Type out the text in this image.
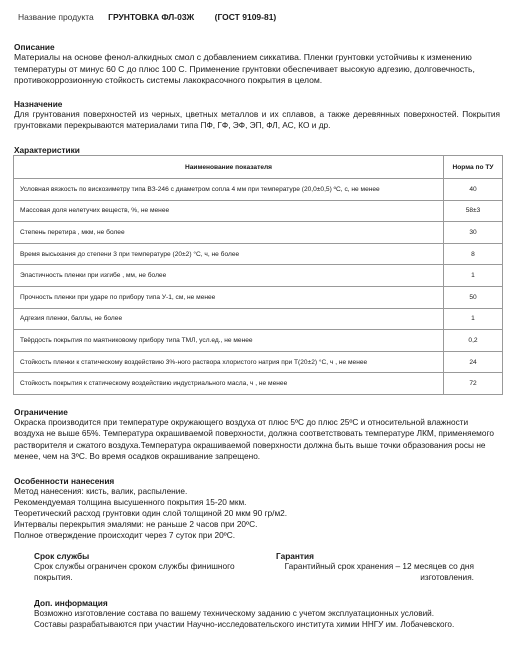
Название продукта ГРУНТОВКА ФЛ-03Ж (ГОСТ 9109-81)
Описание
Материалы на основе фенол-алкидных смол с добавлением сиккатива. Пленки грунтовки устойчивы к изменению температуры от минус 60 С до плюс 100 С. Применение грунтовки обеспечивает высокую адгезию, долговечность, противокоррозионную стойкость системы лакокрасочного покрытия в целом.
Назначение
Для грунтования поверхностей из черных, цветных металлов и их сплавов, а также деревянных поверхностей. Покрытия грунтовками перекрываются материалами типа ПФ, ГФ, ЭФ, ЭП, ФЛ, АС, КО и др.
Характеристики
Наименование показателя	Норма по ТУ
Условная вязкость по вискозиметру типа ВЗ-246 с диаметром сопла 4 мм при температуре (20,0±0,5) ºС, с, не менее	40
Массовая доля нелетучих веществ, %, не менее	58±3
Степень перетира , мкм, не более	30
Время высыхания до степени 3 при температуре (20±2) °С, ч, не более	8
Эластичность пленки при изгибе , мм, не более	1
Прочность пленки при ударе по прибору типа У-1, см, не менее	50
Адгезия пленки, баллы, не более	1
Твёрдость покрытия по маятниковому прибору типа ТМЛ, усл.ед., не менее	0,2
Стойкость пленки к статическому воздействию 3%-ного раствора хлористого натрия при Т(20±2) °С, ч , не менее	24
Стойкость покрытия к статическому воздействию индустриального масла, ч , не менее	72
Ограничение
Окраска производится при температуре окружающего воздуха от плюс 5ºС до плюс 25ºС и относительной влажности воздуха не выше 65%. Температура окрашиваемой поверхности, должна соответствовать температуре ЛКМ, применяемого растворителя и сжатого воздуха.Температура окрашиваемой поверхности должна быть выше точки образования росы не менее, чем на 3ºС. Во время осадков окрашивание запрещено.
Особенности нанесения
Метод нанесения: кисть, валик, распыление.
Рекомендуемая толщина высушенного покрытия 15-20 мкм.
Теоретический расход грунтовки один слой толщиной 20 мкм 90 гр/м2.
Интервалы перекрытия эмалями: не раньше 2 часов при 20ºС.
Полное отверждение происходит через 7 суток при 20ºС.
Срок службы
Срок службы ограничен сроком службы финишного покрытия.
Гарантия
Гарантийный срок хранения – 12 месяцев со дня изготовления.
Доп. информация
Возможно изготовление состава по вашему техническому заданию с учетом эксплуатационных условий.
Составы разрабатываются при участии Научно-исследовательского института химии ННГУ им. Лобачевского.
